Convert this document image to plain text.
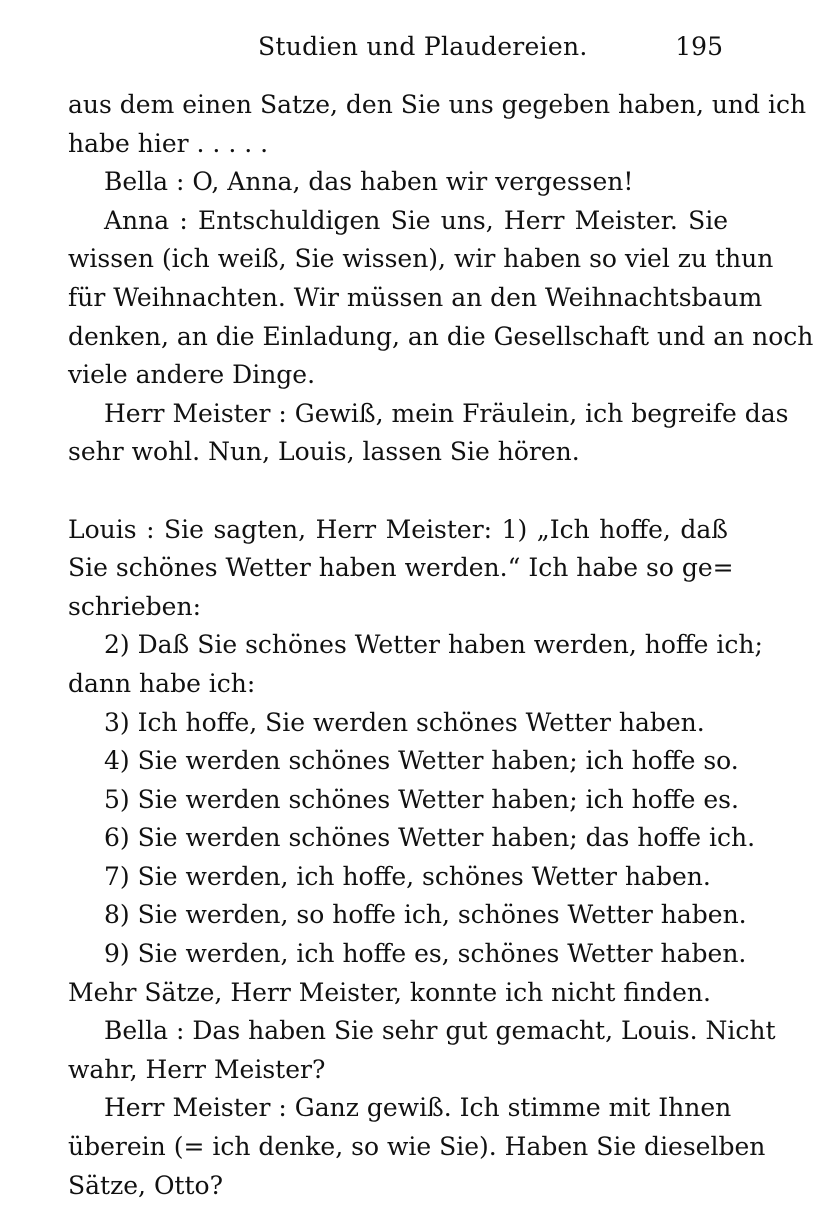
Studien und Plaudereien.	195
aus dem einen Satze, den Sie uns gegeben haben, und ich
habe hier . . . . .
Bella : O, Anna, das haben wir vergessen!
Anna : Entschuldigen Sie uns, Herr Meister. Sie
wissen (ich weiß, Sie wissen), wir haben so viel zu thun
für Weihnachten. Wir müssen an den Weihnachtsbaum
denken, an die Einladung, an die Gesellschaft und an noch
viele andere Dinge.
Herr Meister : Gewiß, mein Fräulein, ich begreife das
sehr wohl. Nun, Louis, lassen Sie hören.
Louis : Sie sagten, Herr Meister: 1) „Ich hoffe, daß
Sie schönes Wetter haben werden.“ Ich habe so ge=
schrieben:
2) Daß Sie schönes Wetter haben werden, hoffe ich;
dann habe ich:
3) Ich hoffe, Sie werden schönes Wetter haben.
4) Sie werden schönes Wetter haben; ich hoffe so.
5) Sie werden schönes Wetter haben; ich hoffe es.
6) Sie werden schönes Wetter haben; das hoffe ich.
7) Sie werden, ich hoffe, schönes Wetter haben.
8) Sie werden, so hoffe ich, schönes Wetter haben.
9) Sie werden, ich hoffe es, schönes Wetter haben.
Mehr Sätze, Herr Meister, konnte ich nicht finden.
Bella : Das haben Sie sehr gut gemacht, Louis. Nicht
wahr, Herr Meister?
Herr Meister : Ganz gewiß. Ich stimme mit Ihnen
überein (= ich denke, so wie Sie). Haben Sie dieselben
Sätze, Otto?
